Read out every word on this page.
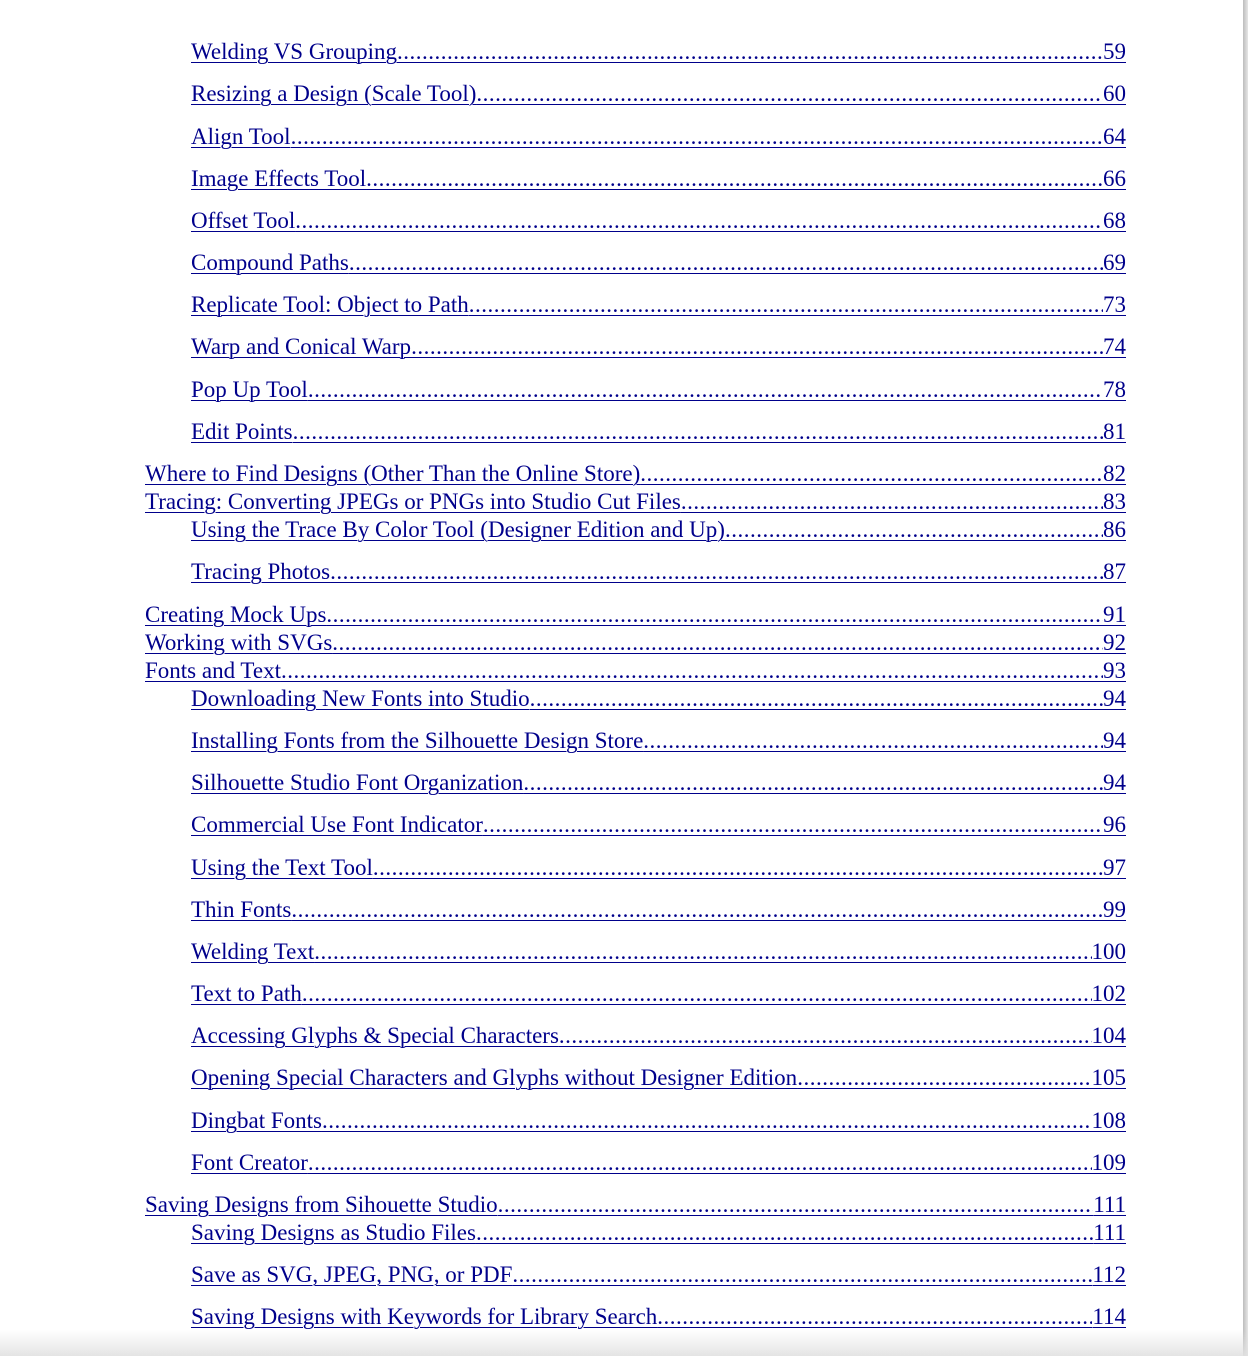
Welding VS Grouping .....	59
Resizing a Design (Scale Tool) .....	60
Align Tool .....	64
Image Effects Tool .....	66
Offset Tool .....	68
Compound Paths .....	69
Replicate Tool: Object to Path .....	73
Warp and Conical Warp .....	74
Pop Up Tool .....	78
Edit Points .....	81
Where to Find Designs (Other Than the Online Store) .....	82
Tracing: Converting JPEGs or PNGs into Studio Cut Files .....	83
Using the Trace By Color Tool (Designer Edition and Up) .....	86
Tracing Photos .....	87
Creating Mock Ups .....	91
Working with SVGs .....	92
Fonts and Text .....	93
Downloading New Fonts into Studio .....	94
Installing Fonts from the Silhouette Design Store .....	94
Silhouette Studio Font Organization .....	94
Commercial Use Font Indicator .....	96
Using the Text Tool .....	97
Thin Fonts .....	99
Welding Text .....	100
Text to Path .....	102
Accessing Glyphs & Special Characters .....	104
Opening Special Characters and Glyphs without Designer Edition .....	105
Dingbat Fonts .....	108
Font Creator .....	109
Saving Designs from Sihouette Studio .....	111
Saving Designs as Studio Files .....	111
Save as SVG, JPEG, PNG, or PDF .....	112
Saving Designs with Keywords for Library Search .....	114
